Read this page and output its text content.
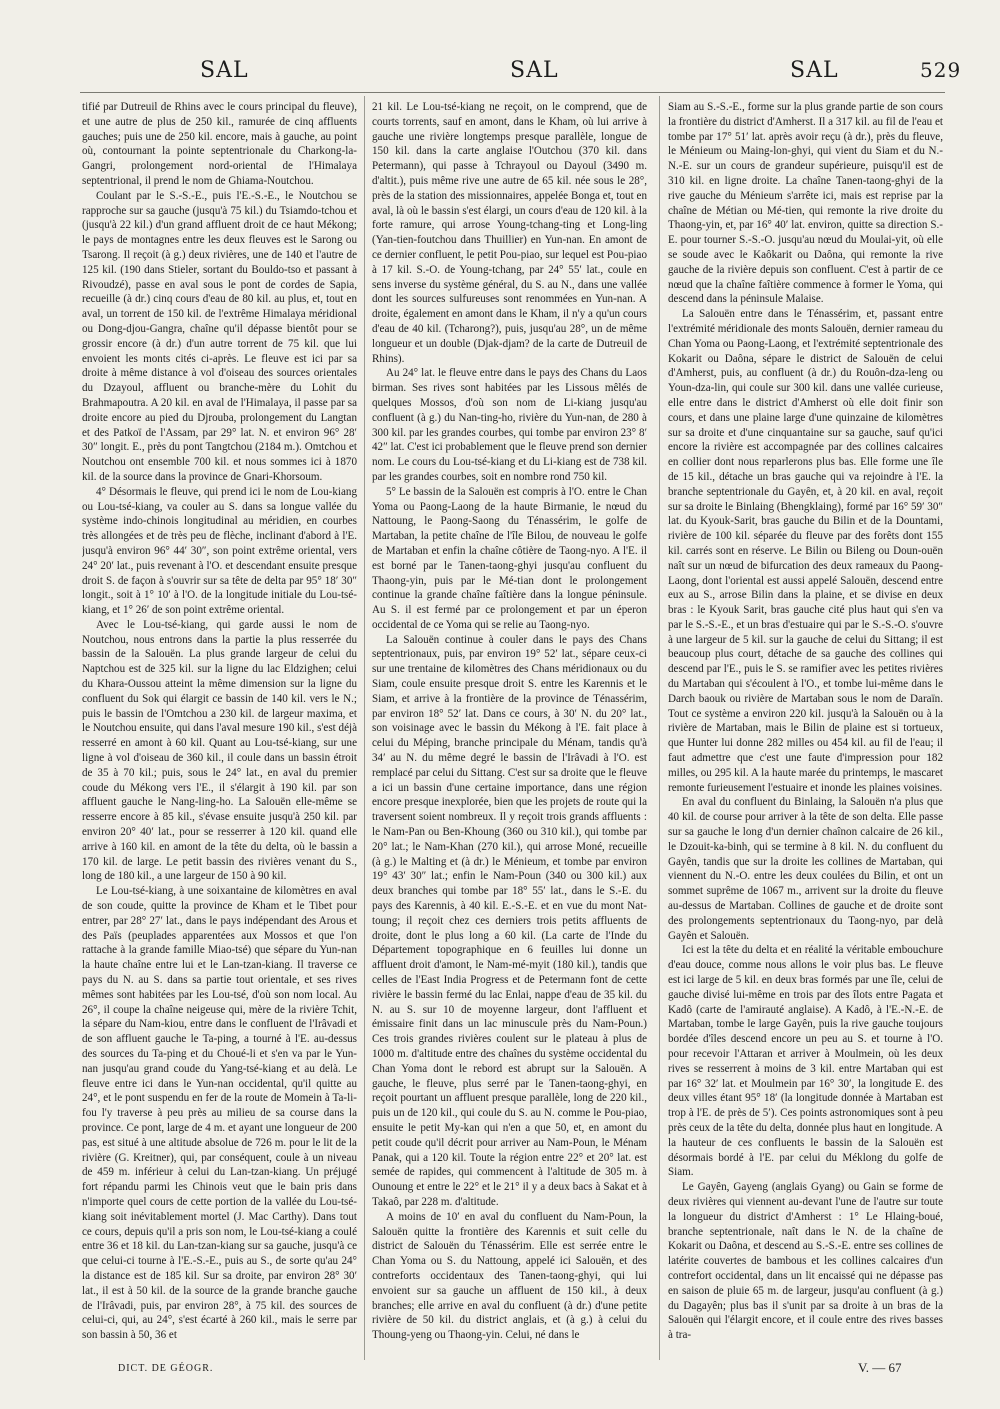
SAL	SAL	SAL	529

tifié par Dutreuil de Rhins avec le cours principal du fleuve), et une autre de plus de 250 kil., ramurée de cinq affluents gauches; puis une de 250 kil. encore, mais à gauche, au point où, contournant la pointe septentrionale du Charkong-la-Gangri, prolongement nord-oriental de l'Himalaya septentrional, il prend le nom de Ghiama-Noutchou.

Coulant par le S.-S.-E., puis l'E.-S.-E., le Noutchou se rapproche sur sa gauche (jusqu'à 75 kil.) du Tsiamdo-tchou et (jusqu'à 22 kil.) d'un grand affluent droit de ce haut Mékong; le pays de montagnes entre les deux fleuves est le Sarong ou Tsarong. Il reçoit (à g.) deux rivières, une de 140 et l'autre de 125 kil. (190 dans Stieler, sortant du Bouldo-tso et passant à Rivoudzé), passe en aval sous le pont de cordes de Sapia, recueille (à dr.) cinq cours d'eau de 80 kil. au plus, et, tout en aval, un torrent de 150 kil. de l'extrême Himalaya méridional ou Dong-djou-Gangra, chaîne qu'il dépasse bientôt pour se grossir encore (à dr.) d'un autre torrent de 75 kil. que lui envoient les monts cités ci-après. Le fleuve est ici par sa droite à même distance à vol d'oiseau des sources orientales du Dzayoul, affluent ou branche-mère du Lohit du Brahmapoutra. A 20 kil. en aval de l'Himalaya, il passe par sa droite encore au pied du Djrouba, prolongement du Langtan et des Patkoï de l'Assam, par 29° lat. N. et environ 96° 28′ 30″ longit. E., près du pont Tangtchou (2184 m.). Omtchou et Noutchou ont ensemble 700 kil. et nous sommes ici à 1870 kil. de la source dans la province de Gnari-Khorsoum.

4° Désormais le fleuve, qui prend ici le nom de Lou-kiang ou Lou-tsé-kiang, va couler au S. dans sa longue vallée du système indo-chinois longitudinal au méridien, en courbes très allongées et de très peu de flèche, inclinant d'abord à l'E. jusqu'à environ 96° 44′ 30″, son point extrême oriental, vers 24° 20′ lat., puis revenant à l'O. et descendant ensuite presque droit S. de façon à s'ouvrir sur sa tête de delta par 95° 18′ 30″ longit., soit à 1° 10′ à l'O. de la longitude initiale du Lou-tsé-kiang, et 1° 26′ de son point extrême oriental.

Avec le Lou-tsé-kiang, qui garde aussi le nom de Noutchou, nous entrons dans la partie la plus resserrée du bassin de la Salouën. La plus grande largeur de celui du Naptchou est de 325 kil. sur la ligne du lac Eldzighen; celui du Khara-Oussou atteint la même dimension sur la ligne du confluent du Sok qui élargit ce bassin de 140 kil. vers le N.; puis le bassin de l'Omtchou a 230 kil. de largeur maxima, et le Noutchou ensuite, qui dans l'aval mesure 190 kil., s'est déjà resserré en amont à 60 kil. Quant au Lou-tsé-kiang, sur une ligne à vol d'oiseau de 360 kil., il coule dans un bassin étroit de 35 à 70 kil.; puis, sous le 24° lat., en aval du premier coude du Mékong vers l'E., il s'élargit à 190 kil. par son affluent gauche le Nang-ling-ho. La Salouën elle-même se resserre encore à 85 kil., s'évase ensuite jusqu'à 250 kil. par environ 20° 40′ lat., pour se resserrer à 120 kil. quand elle arrive à 160 kil. en amont de la tête du delta, où le bassin a 170 kil. de large. Le petit bassin des rivières venant du S., long de 180 kil., a une largeur de 150 à 90 kil.

Le Lou-tsé-kiang, à une soixantaine de kilomètres en aval de son coude, quitte la province de Kham et le Tibet pour entrer, par 28° 27′ lat., dans le pays indépendant des Arous et des Païs (peuplades apparentées aux Mossos et que l'on rattache à la grande famille Miao-tsé) que sépare du Yun-nan la haute chaîne entre lui et le Lan-tzan-kiang. Il traverse ce pays du N. au S. dans sa partie tout orientale, et ses rives mêmes sont habitées par les Lou-tsé, d'où son nom local. Au 26°, il coupe la chaîne neigeuse qui, mère de la rivière Tchit, la sépare du Nam-kiou, entre dans le confluent de l'Irâvadi et de son affluent gauche le Ta-ping, a tourné à l'E. au-dessus des sources du Ta-ping et du Choué-li et s'en va par le Yun-nan jusqu'au grand coude du Yang-tsé-kiang et au delà. Le fleuve entre ici dans le Yun-nan occidental, qu'il quitte au 24°, et le pont suspendu en fer de la route de Momein à Ta-li-fou l'y traverse à peu près au milieu de sa course dans la province. Ce pont, large de 4 m. et ayant une longueur de 200 pas, est situé à une altitude absolue de 726 m. pour le lit de la rivière (G. Kreitner), qui, par conséquent, coule à un niveau de 459 m. inférieur à celui du Lan-tzan-kiang. Un préjugé fort répandu parmi les Chinois veut que le bain pris dans n'importe quel cours de cette portion de la vallée du Lou-tsé-kiang soit inévitablement mortel (J. Mac Carthy). Dans tout ce cours, depuis qu'il a pris son nom, le Lou-tsé-kiang a coulé entre 36 et 18 kil. du Lan-tzan-kiang sur sa gauche, jusqu'à ce que celui-ci tourne à l'E.-S.-E., puis au S., de sorte qu'au 24° la distance est de 185 kil. Sur sa droite, par environ 28° 30′ lat., il est à 50 kil. de la source de la grande branche gauche de l'Irâvadi, puis, par environ 28°, à 75 kil. des sources de celui-ci, qui, au 24°, s'est écarté à 260 kil., mais le serre par son bassin à 50, 36 et

21 kil. Le Lou-tsé-kiang ne reçoit, on le comprend, que de courts torrents, sauf en amont, dans le Kham, où lui arrive à gauche une rivière longtemps presque parallèle, longue de 150 kil. dans la carte anglaise l'Outchou (370 kil. dans Petermann), qui passe à Tchrayoul ou Dayoul (3490 m. d'altit.), puis même rive une autre de 65 kil. née sous le 28°, près de la station des missionnaires, appelée Bonga et, tout en aval, là où le bassin s'est élargi, un cours d'eau de 120 kil. à la forte ramure, qui arrose Young-tchang-ting et Long-ling (Yan-tien-foutchou dans Thuillier) en Yun-nan. En amont de ce dernier confluent, le petit Pou-piao, sur lequel est Pou-piao à 17 kil. S.-O. de Young-tchang, par 24° 55′ lat., coule en sens inverse du système général, du S. au N., dans une vallée dont les sources sulfureuses sont renommées en Yun-nan. A droite, également en amont dans le Kham, il n'y a qu'un cours d'eau de 40 kil. (Tcharong?), puis, jusqu'au 28°, un de même longueur et un double (Djak-djam? de la carte de Dutreuil de Rhins).

Au 24° lat. le fleuve entre dans le pays des Chans du Laos birman. Ses rives sont habitées par les Lissous mêlés de quelques Mossos, d'où son nom de Li-kiang jusqu'au confluent (à g.) du Nan-ting-ho, rivière du Yun-nan, de 280 à 300 kil. par les grandes courbes, qui tombe par environ 23° 8′ 42″ lat. C'est ici probablement que le fleuve prend son dernier nom. Le cours du Lou-tsé-kiang et du Li-kiang est de 738 kil. par les grandes courbes, soit en nombre rond 750 kil.

5° Le bassin de la Salouën est compris à l'O. entre le Chan Yoma ou Paong-Laong de la haute Birmanie, le nœud du Nattoung, le Paong-Saong du Ténassérim, le golfe de Martaban, la petite chaîne de l'île Bilou, de nouveau le golfe de Martaban et enfin la chaîne côtière de Taong-nyo. A l'E. il est borné par le Tanen-taong-ghyi jusqu'au confluent du Thaong-yin, puis par le Mé-tian dont le prolongement continue la grande chaîne faîtière dans la longue péninsule. Au S. il est fermé par ce prolongement et par un éperon occidental de ce Yoma qui se relie au Taong-nyo.

La Salouën continue à couler dans le pays des Chans septentrionaux, puis, par environ 19° 52′ lat., sépare ceux-ci sur une trentaine de kilomètres des Chans méridionaux ou du Siam, coule ensuite presque droit S. entre les Karennis et le Siam, et arrive à la frontière de la province de Ténassérim, par environ 18° 52′ lat. Dans ce cours, à 30′ N. du 20° lat., son voisinage avec le bassin du Mékong à l'E. fait place à celui du Méping, branche principale du Ménam, tandis qu'à 34′ au N. du même degré le bassin de l'Irâvadi à l'O. est remplacé par celui du Sittang. C'est sur sa droite que le fleuve a ici un bassin d'une certaine importance, dans une région encore presque inexplorée, bien que les projets de route qui la traversent soient nombreux. Il y reçoit trois grands affluents : le Nam-Pan ou Ben-Khoung (360 ou 310 kil.), qui tombe par 20° lat.; le Nam-Khan (270 kil.), qui arrose Moné, recueille (à g.) le Malting et (à dr.) le Ménieum, et tombe par environ 19° 43′ 30″ lat.; enfin le Nam-Poun (340 ou 300 kil.) aux deux branches qui tombe par 18° 55′ lat., dans le S.-E. du pays des Karennis, à 40 kil. E.-S.-E. et en vue du mont Nat-toung; il reçoit chez ces derniers trois petits affluents de droite, dont le plus long a 60 kil. (La carte de l'Inde du Département topographique en 6 feuilles lui donne un affluent droit d'amont, le Nam-mé-myit (180 kil.), tandis que celles de l'East India Progress et de Petermann font de cette rivière le bassin fermé du lac Enlai, nappe d'eau de 35 kil. du N. au S. sur 10 de moyenne largeur, dont l'affluent et émissaire finit dans un lac minuscule près du Nam-Poun.) Ces trois grandes rivières coulent sur le plateau à plus de 1000 m. d'altitude entre des chaînes du système occidental du Chan Yoma dont le rebord est abrupt sur la Salouën. A gauche, le fleuve, plus serré par le Tanen-taong-ghyi, en reçoit pourtant un affluent presque parallèle, long de 220 kil., puis un de 120 kil., qui coule du S. au N. comme le Pou-piao, ensuite le petit My-kan qui n'en a que 50, et, en amont du petit coude qu'il décrit pour arriver au Nam-Poun, le Ménam Panak, qui a 120 kil. Toute la région entre 22° et 20° lat. est semée de rapides, qui commencent à l'altitude de 305 m. à Ounoung et entre le 22° et le 21° il y a deux bacs à Sakat et à Takaô, par 228 m. d'altitude.

A moins de 10′ en aval du confluent du Nam-Poun, la Salouën quitte la frontière des Karennis et suit celle du district de Salouën du Ténassérim. Elle est serrée entre le Chan Yoma ou S. du Nattoung, appelé ici Salouën, et des contreforts occidentaux des Tanen-taong-ghyi, qui lui envoient sur sa gauche un affluent de 150 kil., à deux branches; elle arrive en aval du confluent (à dr.) d'une petite rivière de 50 kil. du district anglais, et (à g.) à celui du Thoung-yeng ou Thaong-yin. Celui, né dans le

Siam au S.-S.-E., forme sur la plus grande partie de son cours la frontière du district d'Amherst. Il a 317 kil. au fil de l'eau et tombe par 17° 51′ lat. après avoir reçu (à dr.), près du fleuve, le Ménieum ou Maing-lon-ghyi, qui vient du Siam et du N.-N.-E. sur un cours de grandeur supérieure, puisqu'il est de 310 kil. en ligne droite. La chaîne Tanen-taong-ghyi de la rive gauche du Ménieum s'arrête ici, mais est reprise par la chaîne de Métian ou Mé-tien, qui remonte la rive droite du Thaong-yin, et, par 16° 40′ lat. environ, quitte sa direction S.-E. pour tourner S.-S.-O. jusqu'au nœud du Moulai-yit, où elle se soude avec le Kaôkarit ou Daôna, qui remonte la rive gauche de la rivière depuis son confluent. C'est à partir de ce nœud que la chaîne faîtière commence à former le Yoma, qui descend dans la péninsule Malaise.

La Salouën entre dans le Ténassérim, et, passant entre l'extrémité méridionale des monts Salouën, dernier rameau du Chan Yoma ou Paong-Laong, et l'extrémité septentrionale des Kokarit ou Daôna, sépare le district de Salouën de celui d'Amherst, puis, au confluent (à dr.) du Rouôn-dza-leng ou Youn-dza-lin, qui coule sur 300 kil. dans une vallée curieuse, elle entre dans le district d'Amherst où elle doit finir son cours, et dans une plaine large d'une quinzaine de kilomètres sur sa droite et d'une cinquantaine sur sa gauche, sauf qu'ici encore la rivière est accompagnée par des collines calcaires en collier dont nous reparlerons plus bas. Elle forme une île de 15 kil., détache un bras gauche qui va rejoindre à l'E. la branche septentrionale du Gayên, et, à 20 kil. en aval, reçoit sur sa droite le Binlaing (Bhengklaing), formé par 16° 59′ 30″ lat. du Kyouk-Sarit, bras gauche du Bilin et de la Dountami, rivière de 100 kil. séparée du fleuve par des forêts dont 155 kil. carrés sont en réserve. Le Bilin ou Bileng ou Doun-ouën naît sur un nœud de bifurcation des deux rameaux du Paong-Laong, dont l'oriental est aussi appelé Salouën, descend entre eux au S., arrose Bilin dans la plaine, et se divise en deux bras : le Kyouk Sarit, bras gauche cité plus haut qui s'en va par le S.-S.-E., et un bras d'estuaire qui par le S.-S.-O. s'ouvre à une largeur de 5 kil. sur la gauche de celui du Sittang; il est beaucoup plus court, détache de sa gauche des collines qui descend par l'E., puis le S. se ramifier avec les petites rivières du Martaban qui s'écoulent à l'O., et tombe lui-même dans le Darch baouk ou rivière de Martaban sous le nom de Daraïn. Tout ce système a environ 220 kil. jusqu'à la Salouën ou à la rivière de Martaban, mais le Bilin de plaine est si tortueux, que Hunter lui donne 282 milles ou 454 kil. au fil de l'eau; il faut admettre que c'est une faute d'impression pour 182 milles, ou 295 kil. A la haute marée du printemps, le mascaret remonte furieusement l'estuaire et inonde les plaines voisines.

En aval du confluent du Binlaing, la Salouën n'a plus que 40 kil. de course pour arriver à la tête de son delta. Elle passe sur sa gauche le long d'un dernier chaînon calcaire de 26 kil., le Dzouit-ka-binh, qui se termine à 8 kil. N. du confluent du Gayên, tandis que sur la droite les collines de Martaban, qui viennent du N.-O. entre les deux coulées du Bilin, et ont un sommet suprême de 1067 m., arrivent sur la droite du fleuve au-dessus de Martaban. Collines de gauche et de droite sont des prolongements septentrionaux du Taong-nyo, par delà Gayên et Salouën.

Ici est la tête du delta et en réalité la véritable embouchure d'eau douce, comme nous allons le voir plus bas. Le fleuve est ici large de 5 kil. en deux bras formés par une île, celui de gauche divisé lui-même en trois par des îlots entre Pagata et Kadô (carte de l'amirauté anglaise). A Kadô, à l'E.-N.-E. de Martaban, tombe le large Gayên, puis la rive gauche toujours bordée d'îles descend encore un peu au S. et tourne à l'O. pour recevoir l'Attaran et arriver à Moulmein, où les deux rives se resserrent à moins de 3 kil. entre Martaban qui est par 16° 32′ lat. et Moulmein par 16° 30′, la longitude E. des deux villes étant 95° 18′ (la longitude donnée à Martaban est trop à l'E. de près de 5′). Ces points astronomiques sont à peu près ceux de la tête du delta, donnée plus haut en longitude. A la hauteur de ces confluents le bassin de la Salouën est désormais bordé à l'E. par celui du Méklong du golfe de Siam.

Le Gayên, Gayeng (anglais Gyang) ou Gain se forme de deux rivières qui viennent au-devant l'une de l'autre sur toute la longueur du district d'Amherst : 1° Le Hlaing-boué, branche septentrionale, naît dans le N. de la chaîne de Kokarit ou Daôna, et descend au S.-S.-E. entre ses collines de latérite couvertes de bambous et les collines calcaires d'un contrefort occidental, dans un lit encaissé qui ne dépasse pas en saison de pluie 65 m. de largeur, jusqu'au confluent (à g.) du Dagayên; plus bas il s'unit par sa droite à un bras de la Salouën qui l'élargit encore, et il coule entre des rives basses à tra-

DICT. DE GÉOGR.	V. — 67
